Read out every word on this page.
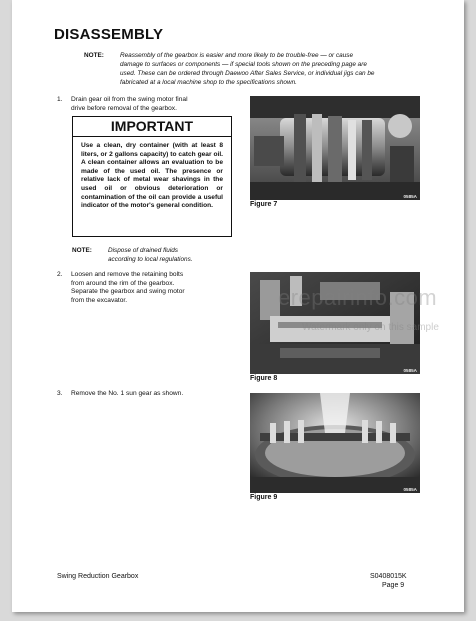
DISASSEMBLY
NOTE:	Reassembly of the gearbox is easier and more likely to be trouble-free — or cause
damage to surfaces or components — if special tools shown on the preceding page are
used. These can be ordered through Daewoo After Sales Service, or individual jigs can be
fabricated at a local machine shop to the specifications shown.
1. Drain gear oil from the swing motor final
drive before removal of the gearbox.
IMPORTANT
Use a clean, dry container (with at least 8 liters, or 2 gallons capacity) to catch gear oil. A clean container allows an evaluation to be made of the used oil. The presence or relative lack of metal wear shavings in the used oil or obvious deterioration or contamination of the oil can provide a useful indicator of the motor's general condition.
NOTE:	Dispose of drained fluids
according to local regulations.
2. Loosen and remove the retaining bolts
from around the rim of the gearbox.
Separate the gearbox and swing motor
from the excavator.
3. Remove the No. 1 sun gear as shown.
0585A
Figure 7
0585A
Figure 8
0585A
Figure 9
erepairinfo.com
Watermark only on this sample
Swing Reduction Gearbox	S0408015K
Page 9
